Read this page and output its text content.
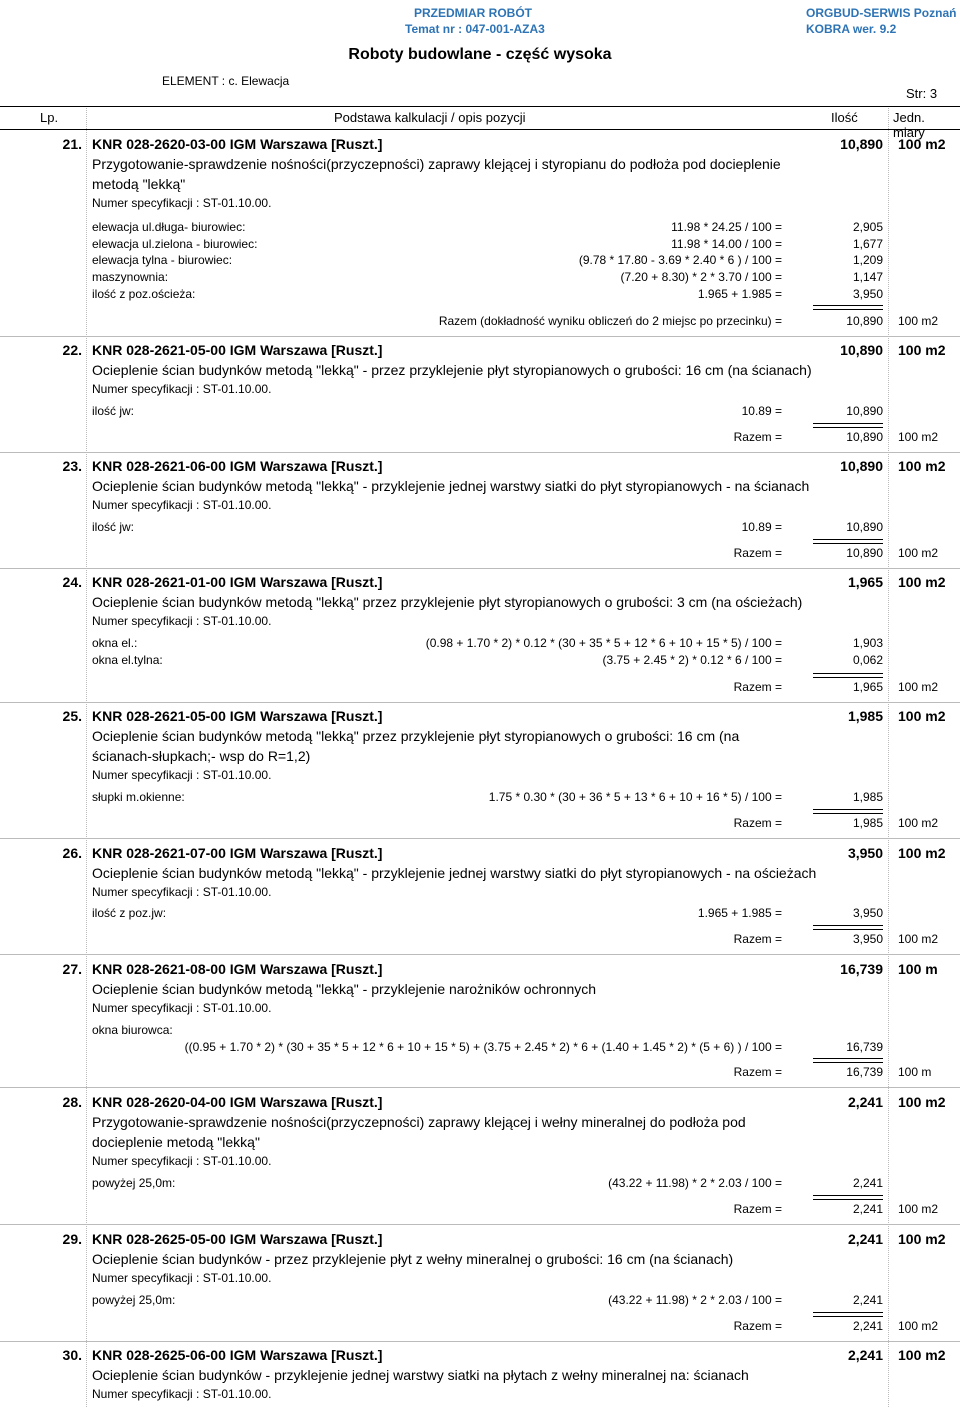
PRZEDMIAR ROBÓT
Temat nr : 047-001-AZA3
ORGBUD-SERWIS Poznań
KOBRA wer. 9.2
Roboty budowlane - część wysoka
ELEMENT : c. Elewacja
Str: 3
Lp.	Podstawa kalkulacji / opis pozycji	Ilość	Jedn. miary
21. KNR 028-2620-03-00 IGM Warszawa [Ruszt.]	10,890 100 m2
Przygotowanie-sprawdzenie nośności(przyczepności) zaprawy klejącej i styropianu do podłoża pod docieplenie metodą "lekką"
Numer specyfikacji : ST-01.10.00.
elewacja ul.długa- biurowiec:	11.98 * 24.25 / 100 =	2,905
elewacja ul.zielona - biurowiec:	11.98 * 14.00 / 100 =	1,677
elewacja tylna - biurowiec:	(9.78 * 17.80 - 3.69 * 2.40 * 6 ) / 100 =	1,209
maszynownia:	(7.20 + 8.30) * 2 * 3.70 / 100 =	1,147
ilość z poz.ościeża:	1.965 + 1.985 =	3,950
Razem (dokładność wyniku obliczeń do 2 miejsc po przecinku) =	10,890 100 m2
22. KNR 028-2621-05-00 IGM Warszawa [Ruszt.]	10,890 100 m2
Ocieplenie ścian budynków metodą "lekką" - przez przyklejenie płyt styropianowych o grubości: 16 cm (na ścianach)
Numer specyfikacji : ST-01.10.00.
ilość jw:	10.89 =	10,890
Razem =	10,890 100 m2
23. KNR 028-2621-06-00 IGM Warszawa [Ruszt.]	10,890 100 m2
Ocieplenie ścian budynków metodą "lekką" - przyklejenie jednej warstwy siatki do płyt styropianowych - na ścianach
Numer specyfikacji : ST-01.10.00.
ilość jw:	10.89 =	10,890
Razem =	10,890 100 m2
24. KNR 028-2621-01-00 IGM Warszawa [Ruszt.]	1,965 100 m2
Ocieplenie ścian budynków metodą "lekką" przez przyklejenie płyt styropianowych o grubości: 3 cm (na ościeżach)
Numer specyfikacji : ST-01.10.00.
okna el.:	(0.98 + 1.70 * 2) * 0.12 * (30 + 35 * 5 + 12 * 6 + 10 + 15 * 5) / 100 =	1,903
okna el.tylna:	(3.75 + 2.45 * 2) * 0.12 * 6 / 100 =	0,062
Razem =	1,965 100 m2
25. KNR 028-2621-05-00 IGM Warszawa [Ruszt.]	1,985 100 m2
Ocieplenie ścian budynków metodą "lekką" przez przyklejenie płyt styropianowych o grubości: 16 cm (na ścianach-słupkach;- wsp do R=1,2)
Numer specyfikacji : ST-01.10.00.
słupki m.okienne:	1.75 * 0.30 * (30 + 36 * 5 + 13 * 6 + 10 + 16 * 5) / 100 =	1,985
Razem =	1,985 100 m2
26. KNR 028-2621-07-00 IGM Warszawa [Ruszt.]	3,950 100 m2
Ocieplenie ścian budynków metodą "lekką" - przyklejenie jednej warstwy siatki do płyt styropianowych - na ościeżach
Numer specyfikacji : ST-01.10.00.
ilość z poz.jw:	1.965 + 1.985 =	3,950
Razem =	3,950 100 m2
27. KNR 028-2621-08-00 IGM Warszawa [Ruszt.]	16,739 100 m
Ocieplenie ścian budynków metodą "lekką" - przyklejenie narożników ochronnych
Numer specyfikacji : ST-01.10.00.
okna biurowca:
((0.95 + 1.70 * 2) * (30 + 35 * 5 + 12 * 6 + 10 + 15 * 5) + (3.75 + 2.45 * 2) * 6 + (1.40 + 1.45 * 2) * (5 + 6) ) / 100 =	16,739
Razem =	16,739 100 m
28. KNR 028-2620-04-00 IGM Warszawa [Ruszt.]	2,241 100 m2
Przygotowanie-sprawdzenie nośności(przyczepności) zaprawy klejącej i wełny mineralnej do podłoża pod docieplenie metodą "lekką"
Numer specyfikacji : ST-01.10.00.
powyżej 25,0m:	(43.22 + 11.98) * 2 * 2.03 / 100 =	2,241
Razem =	2,241 100 m2
29. KNR 028-2625-05-00 IGM Warszawa [Ruszt.]	2,241 100 m2
Ocieplenie ścian budynków - przez przyklejenie płyt z wełny mineralnej o grubości: 16 cm (na ścianach)
Numer specyfikacji : ST-01.10.00.
powyżej 25,0m:	(43.22 + 11.98) * 2 * 2.03 / 100 =	2,241
Razem =	2,241 100 m2
30. KNR 028-2625-06-00 IGM Warszawa [Ruszt.]	2,241 100 m2
Ocieplenie ścian budynków - przyklejenie jednej warstwy siatki na płytach z wełny mineralnej na: ścianach
Numer specyfikacji : ST-01.10.00.
